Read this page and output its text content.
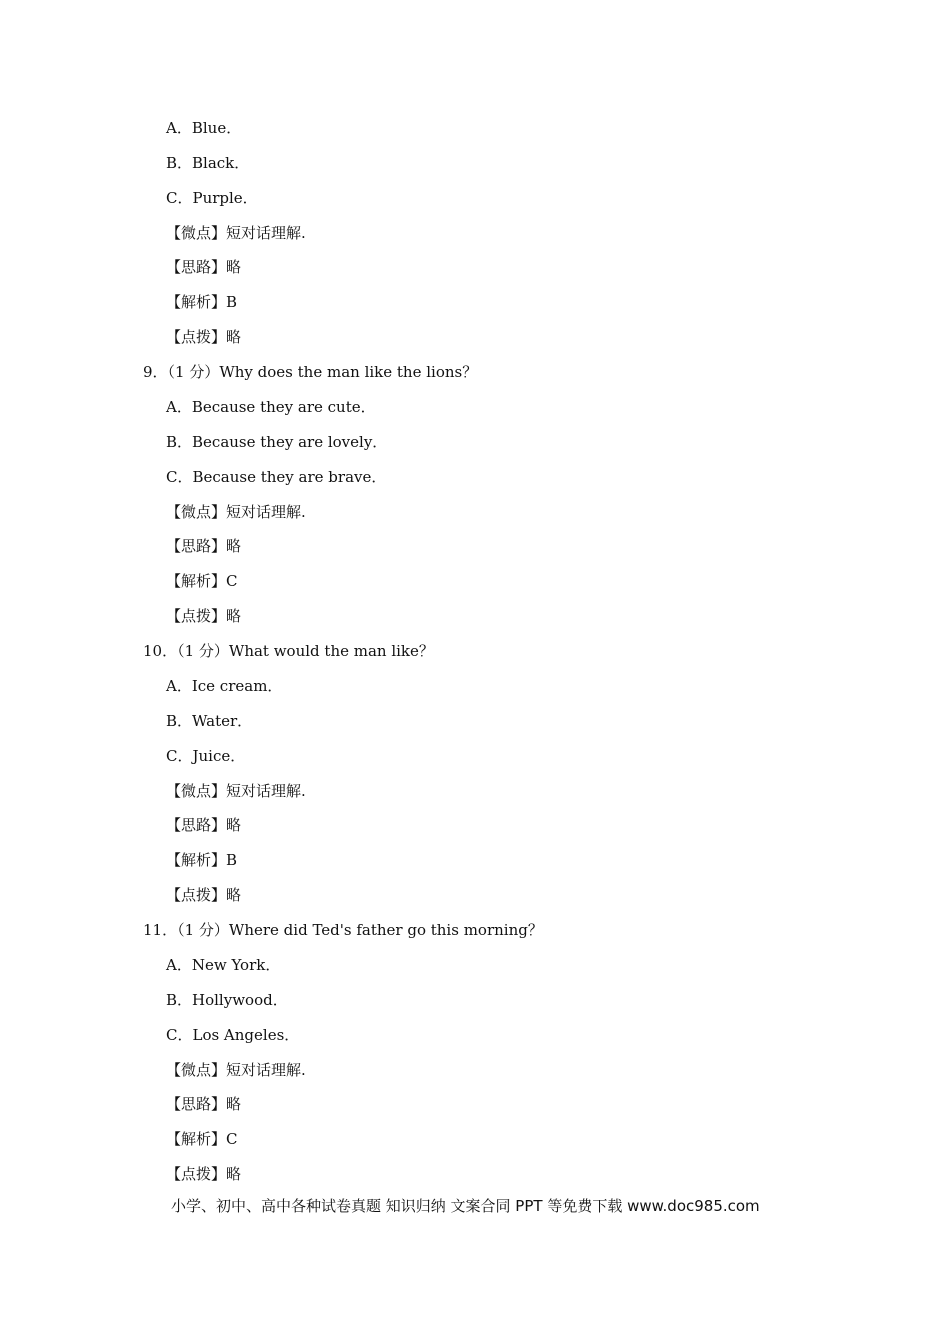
A．Blue．
B．Black．
C．Purple．
【微点】短对话理解.
【思路】略
【解析】B
【点拨】略
9．（1 分）Why does the man like the lions？
A．Because they are cute．
B．Because they are lovely．
C．Because they are brave．
【微点】短对话理解.
【思路】略
【解析】C
【点拨】略
10．（1 分）What would the man like？
A．Ice cream．
B．Water．
C．Juice．
【微点】短对话理解.
【思路】略
【解析】B
【点拨】略
11．（1 分）Where did Ted's father go this morning？
A．New York．
B．Hollywood．
C．Los Angeles．
【微点】短对话理解.
【思路】略
【解析】C
【点拨】略
小学、初中、高中各种试卷真题 知识归纳 文案合同 PPT 等免费下载 www.doc985.com
